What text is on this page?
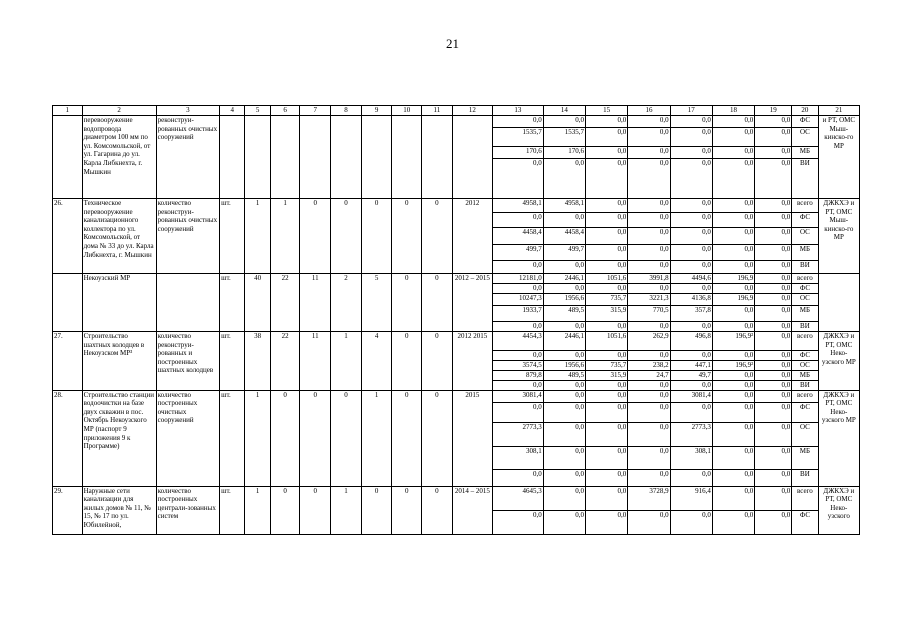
21
1	2	3	4	5	6	7	8	9	10	11	12	13	14	15	16	17	18	19	20	21
	перевооружение водопровода диаметром 100 мм по ул. Комсомольской, от ул. Гагарина до ул. Карла Либкнехта, г. Мышкин	реконструи-рованных очистных сооружений										0,0	0,0	0,0	0,0	0,0	0,0	0,0	ФС	и РТ, ОМС Мыш-кинско-го МР
												1535,7	1535,7	0,0	0,0	0,0	0,0	0,0	ОС	
												170,6	170,6	0,0	0,0	0,0	0,0	0,0	МБ	
												0,0	0,0	0,0	0,0	0,0	0,0	0,0	ВИ	
26.	Техническое перевооружение канализационного коллектора по ул. Комсомольской, от дома № 33 до ул. Карла Либкнехта, г. Мышкин	количество реконструи-рованных очистных сооружений	шт.	1	1	0	0	0	0	0	2012	4958,1	4958,1	0,0	0,0	0,0	0,0	0,0	всего	ДЖКХЭ и РТ, ОМС Мыш-кинско-го МР
												0,0	0,0	0,0	0,0	0,0	0,0	0,0	ФС	
												4458,4	4458,4	0,0	0,0	0,0	0,0	0,0	ОС	
												499,7	499,7	0,0	0,0	0,0	0,0	0,0	МБ	
												0,0	0,0	0,0	0,0	0,0	0,0	0,0	ВИ	
	Некоузский МР		шт.	40	22	11	2	5	0	0	2012 – 2015	12181,0	2446,1	1051,6	3991,8	4494,6	196,9	0,0	всего	
												0,0	0,0	0,0	0,0	0,0	0,0	0,0	ФС	
												10247,3	1956,6	735,7	3221,3	4136,8	196,9	0,0	ОС	
												1933,7	489,5	315,9	770,5	357,8	0,0	0,0	МБ	
												0,0	0,0	0,0	0,0	0,0	0,0	0,0	ВИ	
27.	Строительство шахтных колодцев в Некоузском МР³	количество реконструи-рованных и построенных шахтных колодцев	шт.	38	22	11	1	4	0	0	2012 2015	4454,3	2446,1	1051,6	262,9	496,8	196,9²	0,0	всего	ДЖКХЭ и РТ, ОМС Неко-узского МР
												0,0	0,0	0,0	0,0	0,0	0,0	0,0	ФС	
												3574,5	1956,6	735,7	238,2	447,1	196,9²	0,0	ОС	
												879,8	489,5	315,9	24,7	49,7	0,0	0,0	МБ	
												0,0	0,0	0,0	0,0	0,0	0,0	0,0	ВИ	
28.	Строительство станции водоочистки на базе двух скважин в пос. Октябрь Некоузского МР (паспорт 9 приложения 9 к Программе)	количество построенных очистных сооружений	шт.	1	0	0	0	1	0	0	2015	3081,4	0,0	0,0	0,0	3081,4	0,0	0,0	всего	ДЖКХЭ и РТ, ОМС Неко-узского МР
												0,0	0,0	0,0	0,0	0,0	0,0	0,0	ФС	
												2773,3	0,0	0,0	0,0	2773,3	0,0	0,0	ОС	
												308,1	0,0	0,0	0,0	308,1	0,0	0,0	МБ	
												0,0	0,0	0,0	0,0	0,0	0,0	0,0	ВИ	
29.	Наружные сети канализации для жилых домов № 11, № 15, № 17 по ул. Юбилейной,	количество построенных централи-зованных систем	шт.	1	0	0	1	0	0	0	2014 – 2015	4645,3	0,0	0,0	3728,9	916,4	0,0	0,0	всего	ДЖКХЭ и РТ, ОМС Неко-узского
												0,0	0,0	0,0	0,0	0,0	0,0	0,0	ФС	
